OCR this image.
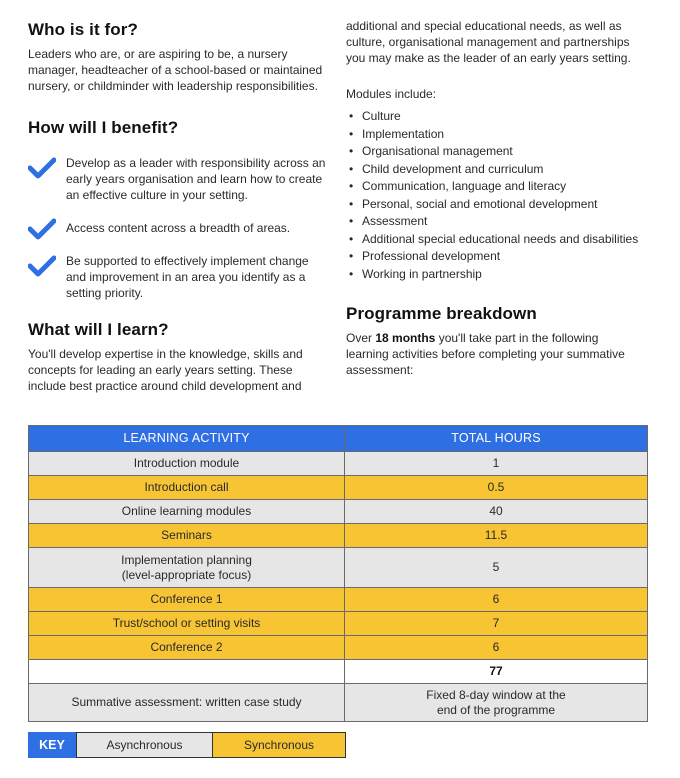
Who is it for?

Leaders who are, or are aspiring to be, a nursery manager, headteacher of a school-based or maintained nursery, or childminder with leadership responsibilities.

How will I benefit?

Develop as a leader with responsibility across an early years organisation and learn how to create an effective culture in your setting.

Access content across a breadth of areas.

Be supported to effectively implement change and improvement in an area you identify as a setting priority.

What will I learn?

You'll develop expertise in the knowledge, skills and concepts for leading an early years setting. These include best practice around child development and

additional and special educational needs, as well as culture, organisational management and partnerships you may make as the leader of an early years setting.

Modules include:

• Culture
• Implementation
• Organisational management
• Child development and curriculum
• Communication, language and literacy
• Personal, social and emotional development
• Assessment
• Additional special educational needs and disabilities
• Professional development
• Working in partnership
Programme breakdown

Over 18 months you'll take part in the following learning activities before completing your summative assessment:

LEARNING ACTIVITY	TOTAL HOURS
Introduction module	1
Introduction call	0.5
Online learning modules	40
Seminars	11.5
Implementation planning
(level-appropriate focus)	5
Conference 1	6
Trust/school or setting visits	7
Conference 2	6
	77
Summative assessment: written case study	Fixed 8-day window at the
end of the programme
KEY	Asynchronous	Synchronous
